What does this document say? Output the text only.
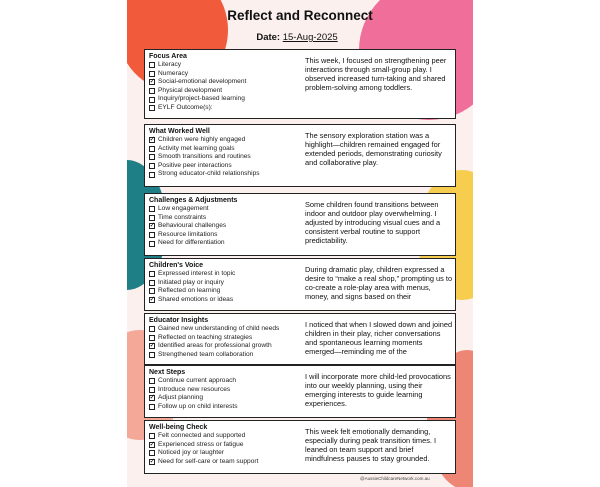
Reflect and Reconnect
Date: 15-Aug-2025
Focus Area
Literacy
Numeracy
✓
Social-emotional development
Physical development
Inquiry/project-based learning
EYLF Outcome(s):
This week, I focused on strengthening peer interactions through small-group play. I observed increased turn-taking and shared problem-solving among toddlers.
What Worked Well
✓
Children were highly engaged
Activity met learning goals
Smooth transitions and routines
Positive peer interactions
Strong educator-child relationships
The sensory exploration station was a highlight—children remained engaged for extended periods, demonstrating curiosity and collaborative play.
Challenges & Adjustments
Low engagement
Time constraints
✓
Behavioural challenges
Resource limitations
Need for differentiation
Some children found transitions between indoor and outdoor play overwhelming. I adjusted by introducing visual cues and a consistent verbal routine to support predictability.
Children's Voice
Expressed interest in topic
Initiated play or inquiry
Reflected on learning
✓
Shared emotions or ideas
During dramatic play, children expressed a desire to “make a real shop,” prompting us to co-create a role-play area with menus, money, and signs based on their
Educator Insights
Gained new understanding of child needs
Reflected on teaching strategies
✓
Identified areas for professional growth
Strengthened team collaboration
I noticed that when I slowed down and joined children in their play, richer conversations and spontaneous learning moments emerged—reminding me of the
Next Steps
Continue current approach
Introduce new resources
✓
Adjust planning
Follow up on child interests
I will incorporate more child-led provocations into our weekly planning, using their emerging interests to guide learning experiences.
Well-being Check
Felt connected and supported
✓
Experienced stress or fatigue
Noticed joy or laughter
✓
Need for self-care or team support
This week felt emotionally demanding, especially during peak transition times. I leaned on team support and brief mindfulness pauses to stay grounded.
@AussieChildcareNetwork.com.au
